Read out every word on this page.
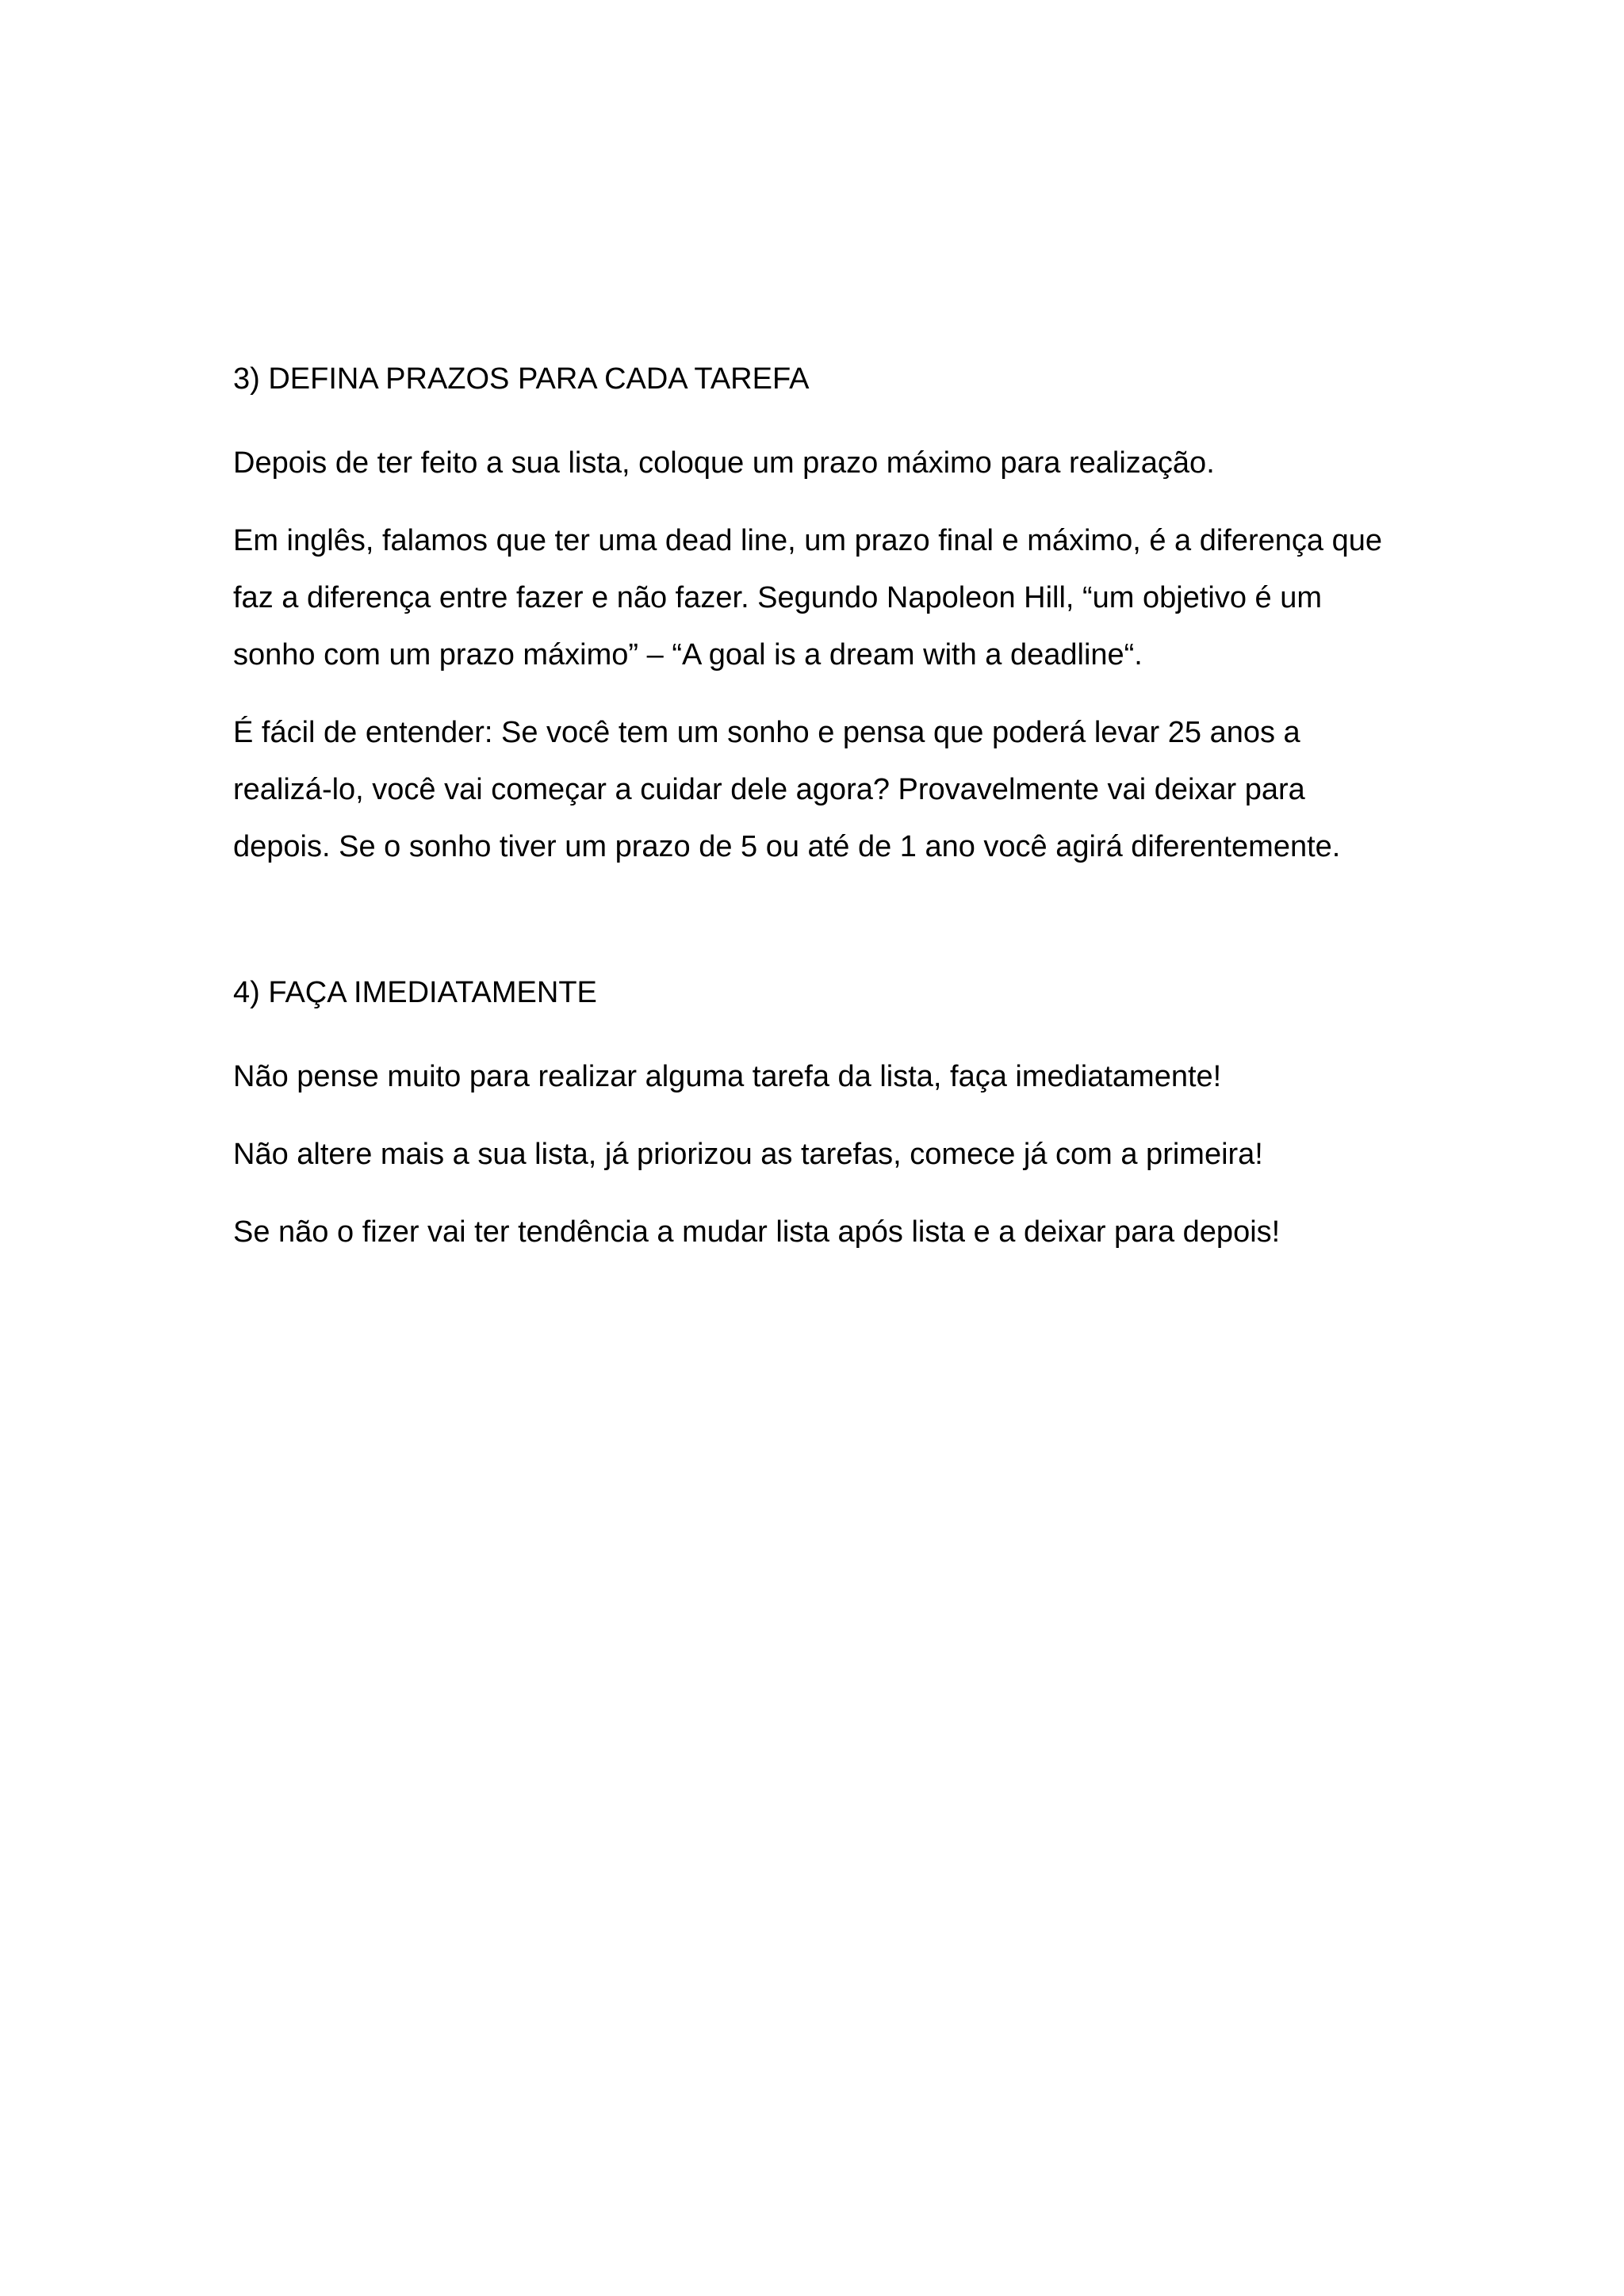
3) DEFINA PRAZOS PARA CADA TAREFA

Depois de ter feito a sua lista, coloque um prazo máximo para realização.

Em inglês, falamos que ter uma dead line, um prazo final e máximo, é a diferença que
faz a diferença entre fazer e não fazer. Segundo Napoleon Hill, “um objetivo é um
sonho com um prazo máximo” – “A goal is a dream with a deadline“.

É fácil de entender: Se você tem um sonho e pensa que poderá levar 25 anos a
realizá-lo, você vai começar a cuidar dele agora? Provavelmente vai deixar para
depois. Se o sonho tiver um prazo de 5 ou até de 1 ano você agirá diferentemente.

4) FAÇA IMEDIATAMENTE

Não pense muito para realizar alguma tarefa da lista, faça imediatamente!

Não altere mais a sua lista, já priorizou as tarefas, comece já com a primeira!

Se não o fizer vai ter tendência a mudar lista após lista e a deixar para depois!
